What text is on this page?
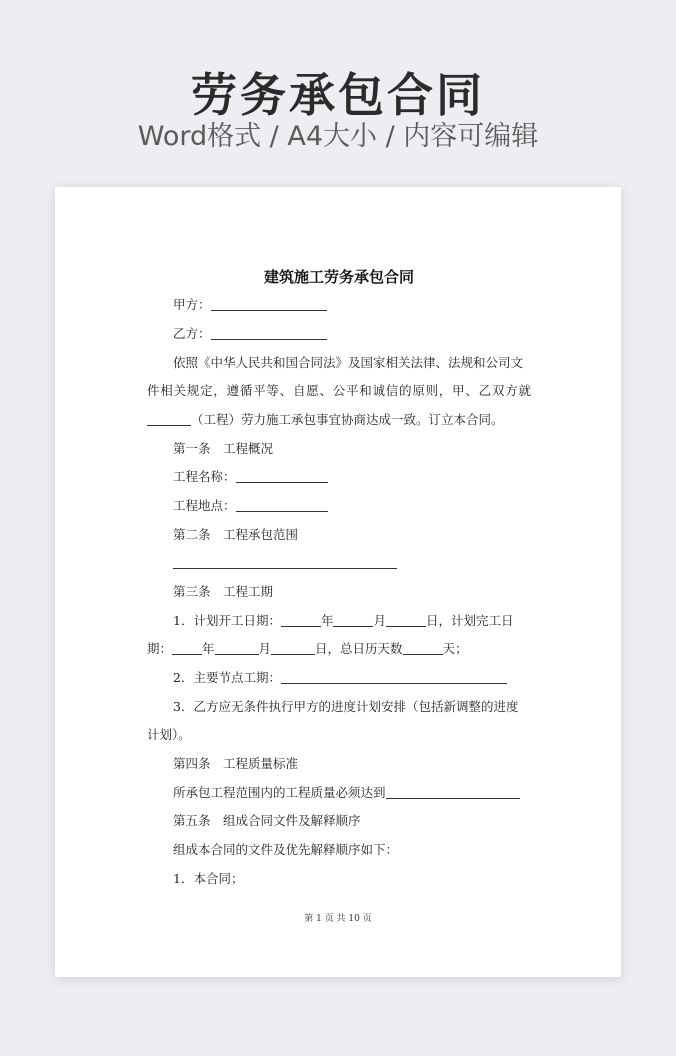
劳务承包合同
Word格式 / A4大小 / 内容可编辑
建筑施工劳务承包合同
甲方：
乙方：
依照《中华人民共和国合同法》及国家相关法律、法规和公司文
件相关规定，遵循平等、自愿、公平和诚信的原则，甲、乙双方就
（工程）劳力施工承包事宜协商达成一致。订立本合同。
第一条　工程概况
工程名称：
工程地点：
第二条　工程承包范围
第三条　工程工期
1．计划开工日期：	年	月	日，计划完工日
期： 年	月	日，总日历天数	天；
2．主要节点工期：
3．乙方应无条件执行甲方的进度计划安排（包括新调整的进度
计划）。
第四条　工程质量标准
所承包工程范围内的工程质量必须达到
第五条　组成合同文件及解释顺序
组成本合同的文件及优先解释顺序如下：
1．本合同；
第 1 页 共 10 页
